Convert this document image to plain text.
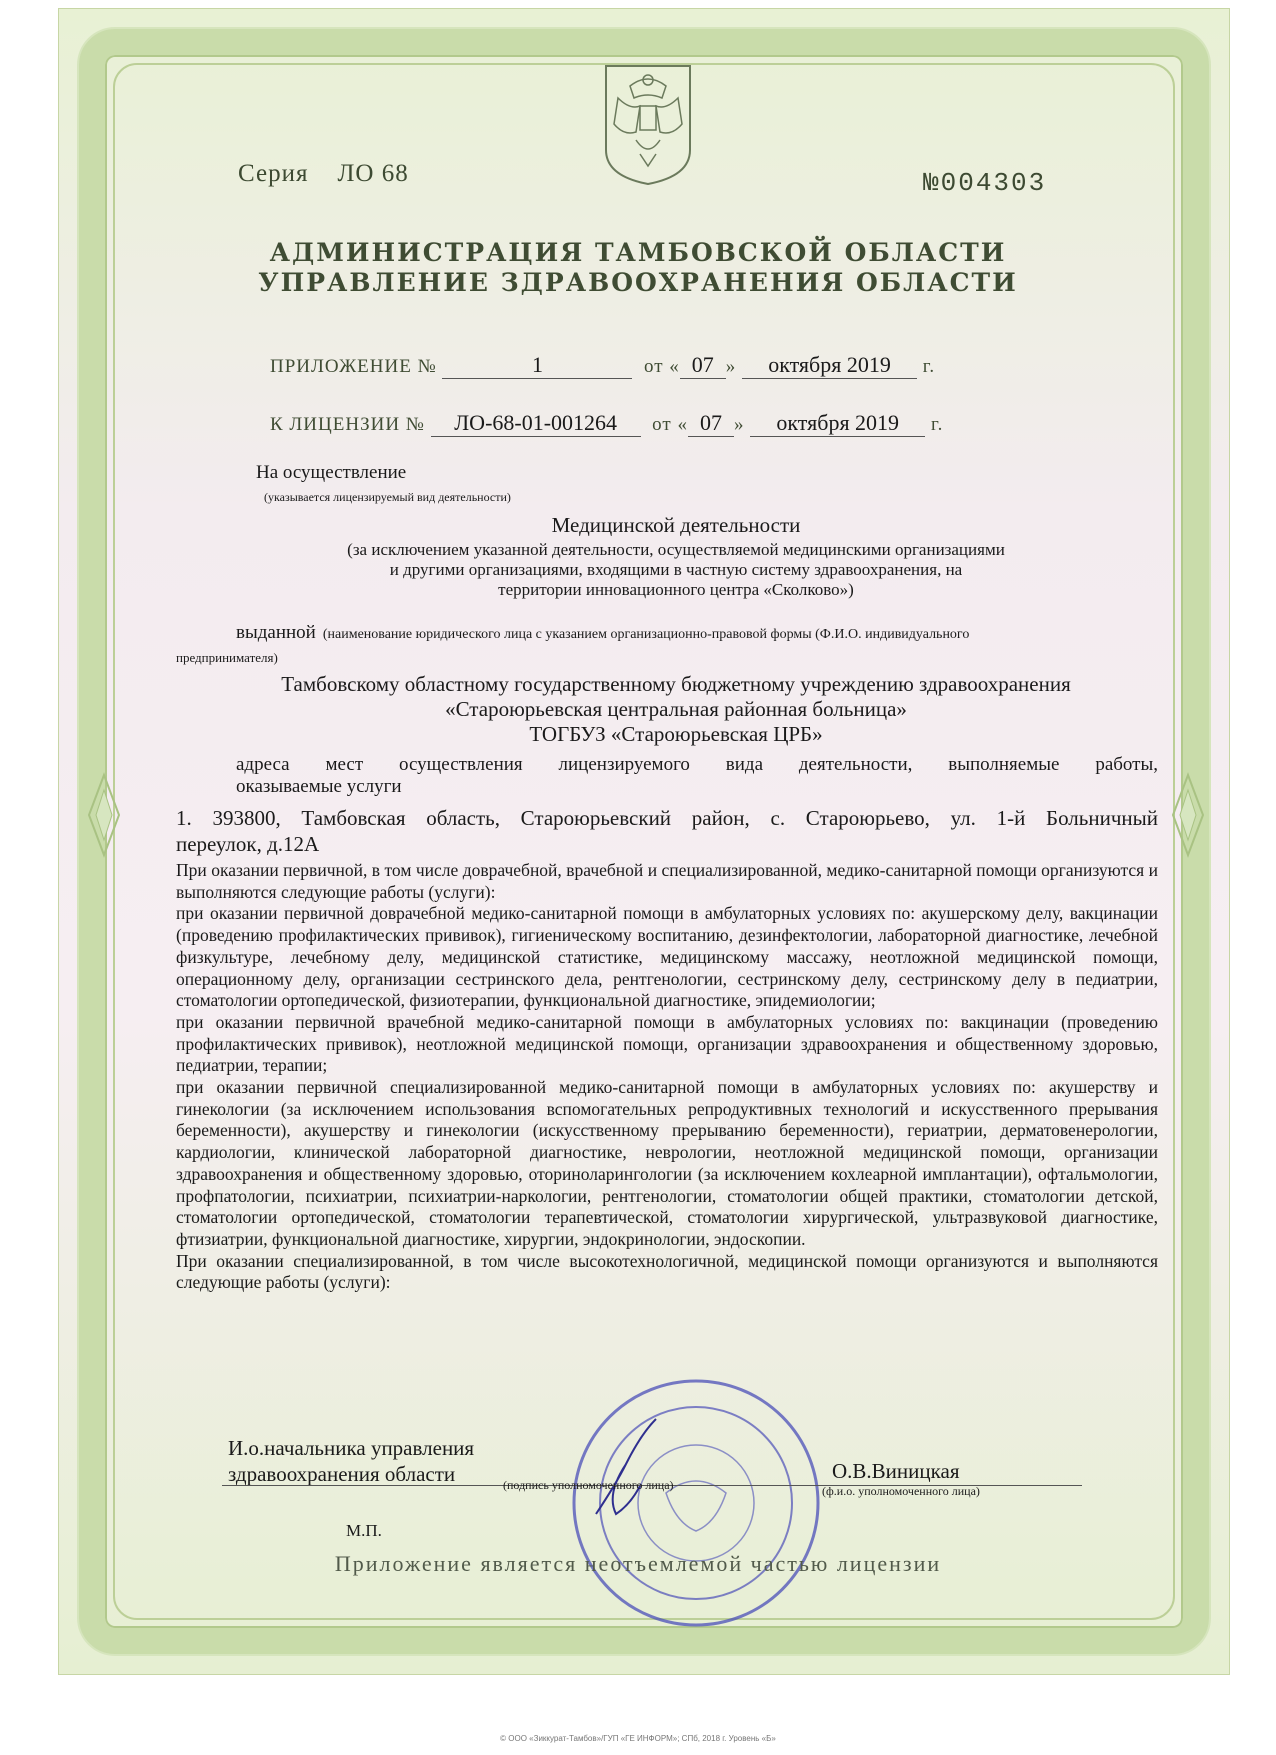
Серия ЛО 68	№004303
АДМИНИСТРАЦИЯ ТАМБОВСКОЙ ОБЛАСТИ
УПРАВЛЕНИЕ ЗДРАВООХРАНЕНИЯ ОБЛАСТИ
ПРИЛОЖЕНИЕ №	1	от « 07 » октября 2019 г.
К ЛИЦЕНЗИИ № ЛО-68-01-001264 от « 07 » октября 2019 г.
На осуществление
(указывается лицензируемый вид деятельности)
Медицинской деятельности
(за исключением указанной деятельности, осуществляемой медицинскими организациями
и другими организациями, входящими в частную систему здравоохранения, на
территории инновационного центра «Сколково»)
выданной (наименование юридического лица с указанием организационно-правовой формы (Ф.И.О. индивидуального
предпринимателя)
Тамбовскому областному государственному бюджетному учреждению здравоохранения
«Староюрьевская центральная районная больница»
ТОГБУЗ «Староюрьевская ЦРБ»
адреса мест осуществления лицензируемого вида деятельности, выполняемые работы,
оказываемые услуги
1. 393800, Тамбовская область, Староюрьевский район, с. Староюрьево, ул. 1-й Больничный
переулок, д.12А
При оказании первичной, в том числе доврачебной, врачебной и специализированной, медико-санитарной помощи организуются и выполняются следующие работы (услуги):
при оказании первичной доврачебной медико-санитарной помощи в амбулаторных условиях по: акушерскому делу, вакцинации (проведению профилактических прививок), гигиеническому воспитанию, дезинфектологии, лабораторной диагностике, лечебной физкультуре, лечебному делу, медицинской статистике, медицинскому массажу, неотложной медицинской помощи, операционному делу, организации сестринского дела, рентгенологии, сестринскому делу, сестринскому делу в педиатрии, стоматологии ортопедической, физиотерапии, функциональной диагностике, эпидемиологии;
при оказании первичной врачебной медико-санитарной помощи в амбулаторных условиях по: вакцинации (проведению профилактических прививок), неотложной медицинской помощи, организации здравоохранения и общественному здоровью, педиатрии, терапии;
при оказании первичной специализированной медико-санитарной помощи в амбулаторных условиях по: акушерству и гинекологии (за исключением использования вспомогательных репродуктивных технологий и искусственного прерывания беременности), акушерству и гинекологии (искусственному прерыванию беременности), гериатрии, дерматовенерологии, кардиологии, клинической лабораторной диагностике, неврологии, неотложной медицинской помощи, организации здравоохранения и общественному здоровью, оториноларингологии (за исключением кохлеарной имплантации), офтальмологии, профпатологии, психиатрии, психиатрии-наркологии, рентгенологии, стоматологии общей практики, стоматологии детской, стоматологии ортопедической, стоматологии терапевтической, стоматологии хирургической, ультразвуковой диагностике, фтизиатрии, функциональной диагностике, хирургии, эндокринологии, эндоскопии.
При оказании специализированной, в том числе высокотехнологичной, медицинской помощи организуются и выполняются следующие работы (услуги):
И.о.начальника управления
здравоохранения области	(подпись уполномоченного лица)
О.В.Виницкая
(ф.и.о. уполномоченного лица)
М.П.
Приложение является неотъемлемой частью лицензии
© ООО «Зиккурат-Тамбов»/ГУП «ГЕ ИНФОРМ»; СПб, 2018 г. Уровень «Б»
